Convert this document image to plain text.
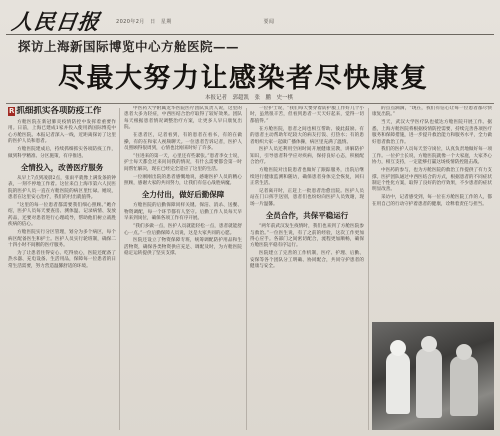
人民日报	2020年2月　日　星期　　　　　　　　　　　　　　　　　要闻
探访上海新国际博览中心方舱医院——
尽最大努力让感染者尽快康复
本报记者　郭超凯　张　鹏　史一棋
R 抓细抓实各项防疫工作

方舱医院在新冠肺炎疫情防控中发挥着重要作用。日前，上海已建成1家并投入使用新国际博览中心方舱医院。本报记者深入一线，近距离探访了这里的医护人员和患者。

方舱医院建成后，持续抓细抓实各项防疫工作，做到科学精准、分区施策，有序推进。

全情投入，改善医疗服务

从早上7点到凌晨2点，张雨平就像上满发条的钟表，一刻不停地工作着。这位来自上海市第六人民医院的医护人员一直在方舱医院的病区里忙碌。她说，患者在这里安心治疗，我们的付出就值得。

“这里的每一位患者都需要我们细心照顾。”她介绍，医护人员每天要查房、测体温、记录病情、发放药品，还要对患者进行心理疏导，帮助他们树立战胜疾病的信心。

方舱医院实行分区管理，划分为多个病区，每个病区配备医生和护士。医护人员实行轮班制，确保二十四小时不间断的医疗服务。

为了让患者住得安心、吃得放心，医院还配备了热水器、充电设备、生活用品，保障每一位患者的日常生活需要，努力营造温馨舒适的环境。

中医药大学附属龙华医院医疗团队负责人说，这里的患者大多为轻症，中西医结合治疗取得了较好效果。团队每天根据患者情况调整治疗方案，让更多人早日康复出院。

在患者区，记者看到，有的患者在看书，有的在做操，有的在和家人视频聊天。一位患者告诉记者，医护人员照顾得很周到，心情也比刚来时好了许多。

“住进来的第一天，心里还有些紧张。”患者李女士说，护士每天都会过来问问我的情况，有什么需要都会第一时间帮忙解决，现在已经完全适应了这里的生活。

一位刚刚出院的患者感慨地说，感谢医护人员的精心照顾，感谢大家的共同努力，让我们有信心战胜病魔。

全力付出，做好后勤保障

方舱医院的后勤保障同样关键。保洁、消杀、送餐、物资调配，每一个环节都有人坚守。后勤工作人员每天早早来到岗位，确保各项工作有序开展。

“我们多做一点，医护人员就能轻松一点，患者就能舒心一点。”一位后勤保障人员说，这是大家共同的心愿。

医院还设立了物资保障专班，统筹调配防护用品和生活物资，确保各类物资供应充足、调配及时，为方舱医院稳定运转提供了坚实支撑。

一位护士说，“我们每天要穿着防护服工作好几个小时，虽然很辛苦，但看到患者一天天好起来，觉得一切都值得。”

在方舱医院，患者之间也相互帮助、彼此鼓励。有的患者主动帮助年纪较大的病友打饭、打热水；有的患者组织大家一起做广播体操，病区里充满了温情。

医护人员还利用空闲时间开展健康宣教，讲解防护知识，引导患者科学应对疾病，保持良好心态，积极配合治疗。

方舱医院对出院患者也做好了跟踪服务，出院后继续进行健康监测和随访，确保患者身体完全恢复，回归正常生活。

记者离开时，正赶上一批患者治愈出院。医护人员站在门口挥手送别，患者们也纷纷向医护人员致谢，现场一片温馨。

全员合作，共保平稳运行

“两年前武汉发生疫情时，我们也来到了方舱医院参与救治。”一位医生说，有了之前的经验，这次工作更加得心应手。各部门之间密切配合，流程更加顺畅，确保方舱医院平稳有序运行。

医院建立了完善的工作机制，医疗、护理、后勤、安保等各个团队分工明确、协同配合，共同守护患者的健康与安全。

的点点滴滴，“现在，我们有信心让每一位患者都尽快康复出院。”

当天，武汉大学医疗队也抵达方舱医院开展工作。据悉，上海方舱医院将根据疫情防控需要，持续完善各项医疗服务和保障措施，进一步提升救治能力和服务水平，全力做好患者救治工作。

我们的医护人员每天坚守岗位，认真负责地做好每一项工作。一位护士长说，方舱医院就像一个大家庭，大家齐心协力，相互支持，一定能够打赢这场疫情防控阻击战。

中医药的参与，也为方舱医院的救治工作提供了有力支撑。医护团队通过中西医结合的方式，根据患者的不同症状制定个性化方案，取得了良好的治疗效果，不少患者的症状明显改善。

采访中，记者感受到，每一位在方舱医院工作的人，都在用自己的行动守护着患者的健康，诠释着责任与担当。
